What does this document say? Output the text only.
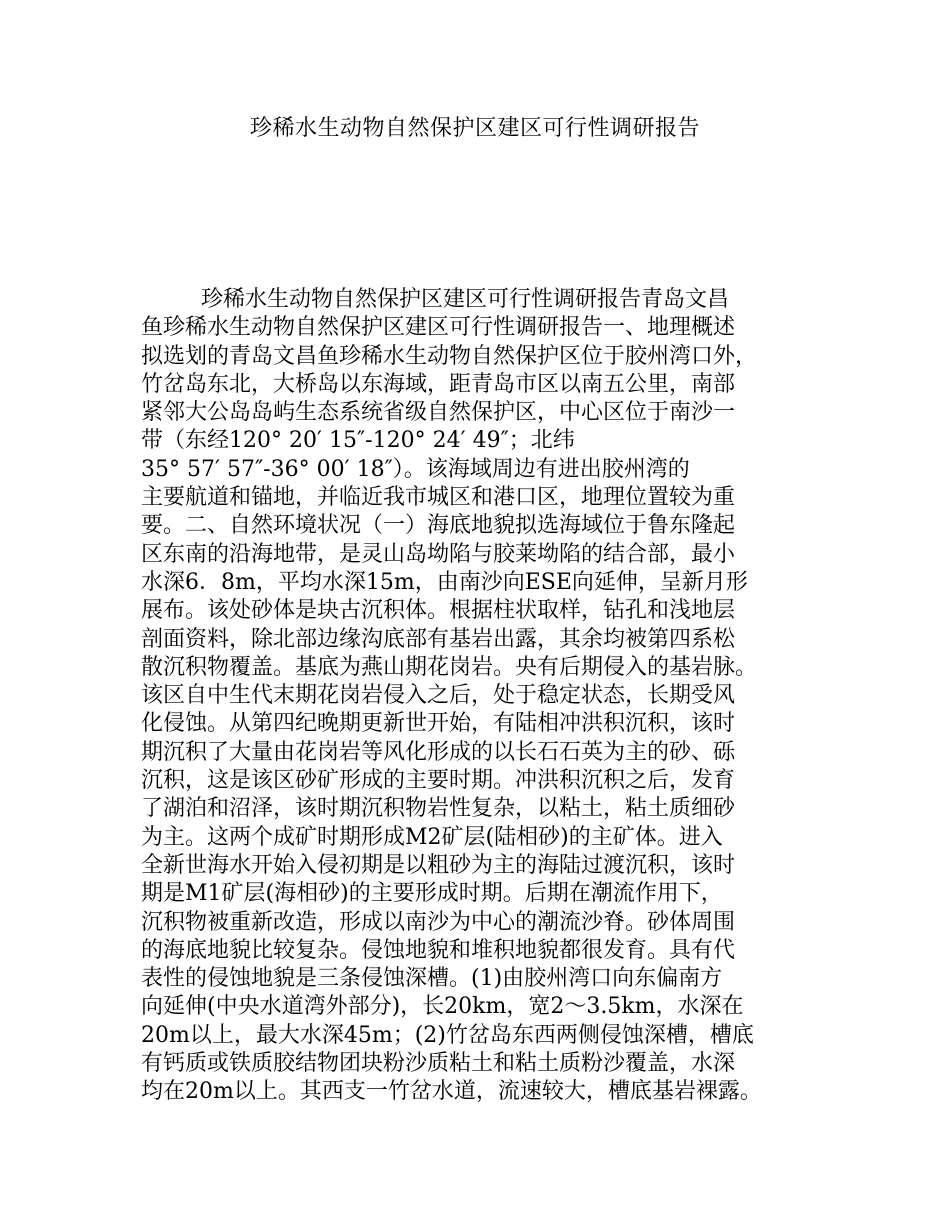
珍稀水生动物自然保护区建区可行性调研报告
珍稀水生动物自然保护区建区可行性调研报告青岛文昌
鱼珍稀水生动物自然保护区建区可行性调研报告一、地理概述
拟选划的青岛文昌鱼珍稀水生动物自然保护区位于胶州湾口外，
竹岔岛东北，大桥岛以东海域，距青岛市区以南五公里，南部
紧邻大公岛岛屿生态系统省级自然保护区，中心区位于南沙一
带（东经120° 20′ 15″-120° 24′ 49″；北纬
35° 57′ 57″-36° 00′ 18″）。该海域周边有进出胶州湾的
主要航道和锚地，并临近我市城区和港口区，地理位置较为重
要。二、自然环境状况（一）海底地貌拟选海域位于鲁东隆起
区东南的沿海地带，是灵山岛坳陷与胶莱坳陷的结合部，最小
水深6．8m，平均水深15m，由南沙向ESE向延伸，呈新月形
展布。该处砂体是块古沉积体。根据柱状取样，钻孔和浅地层
剖面资料，除北部边缘沟底部有基岩出露，其余均被第四系松
散沉积物覆盖。基底为燕山期花岗岩。央有后期侵入的基岩脉。
该区自中生代末期花岗岩侵入之后，处于稳定状态，长期受风
化侵蚀。从第四纪晚期更新世开始，有陆相冲洪积沉积，该时
期沉积了大量由花岗岩等风化形成的以长石石英为主的砂、砾
沉积，这是该区砂矿形成的主要时期。冲洪积沉积之后，发育
了湖泊和沼泽，该时期沉积物岩性复杂，以粘土，粘土质细砂
为主。这两个成矿时期形成M2矿层(陆相砂)的主矿体。进入
全新世海水开始入侵初期是以粗砂为主的海陆过渡沉积，该时
期是M1矿层(海相砂)的主要形成时期。后期在潮流作用下，
沉积物被重新改造，形成以南沙为中心的潮流沙脊。砂体周围
的海底地貌比较复杂。侵蚀地貌和堆积地貌都很发育。具有代
表性的侵蚀地貌是三条侵蚀深槽。(1)由胶州湾口向东偏南方
向延伸(中央水道湾外部分)，长20km，宽2～3.5km，水深在
20m以上，最大水深45m；(2)竹岔岛东西两侧侵蚀深槽，槽底
有钙质或铁质胶结物团块粉沙质粘土和粘土质粉沙覆盖，水深
均在20m以上。其西支一竹岔水道，流速较大，槽底基岩裸露。
